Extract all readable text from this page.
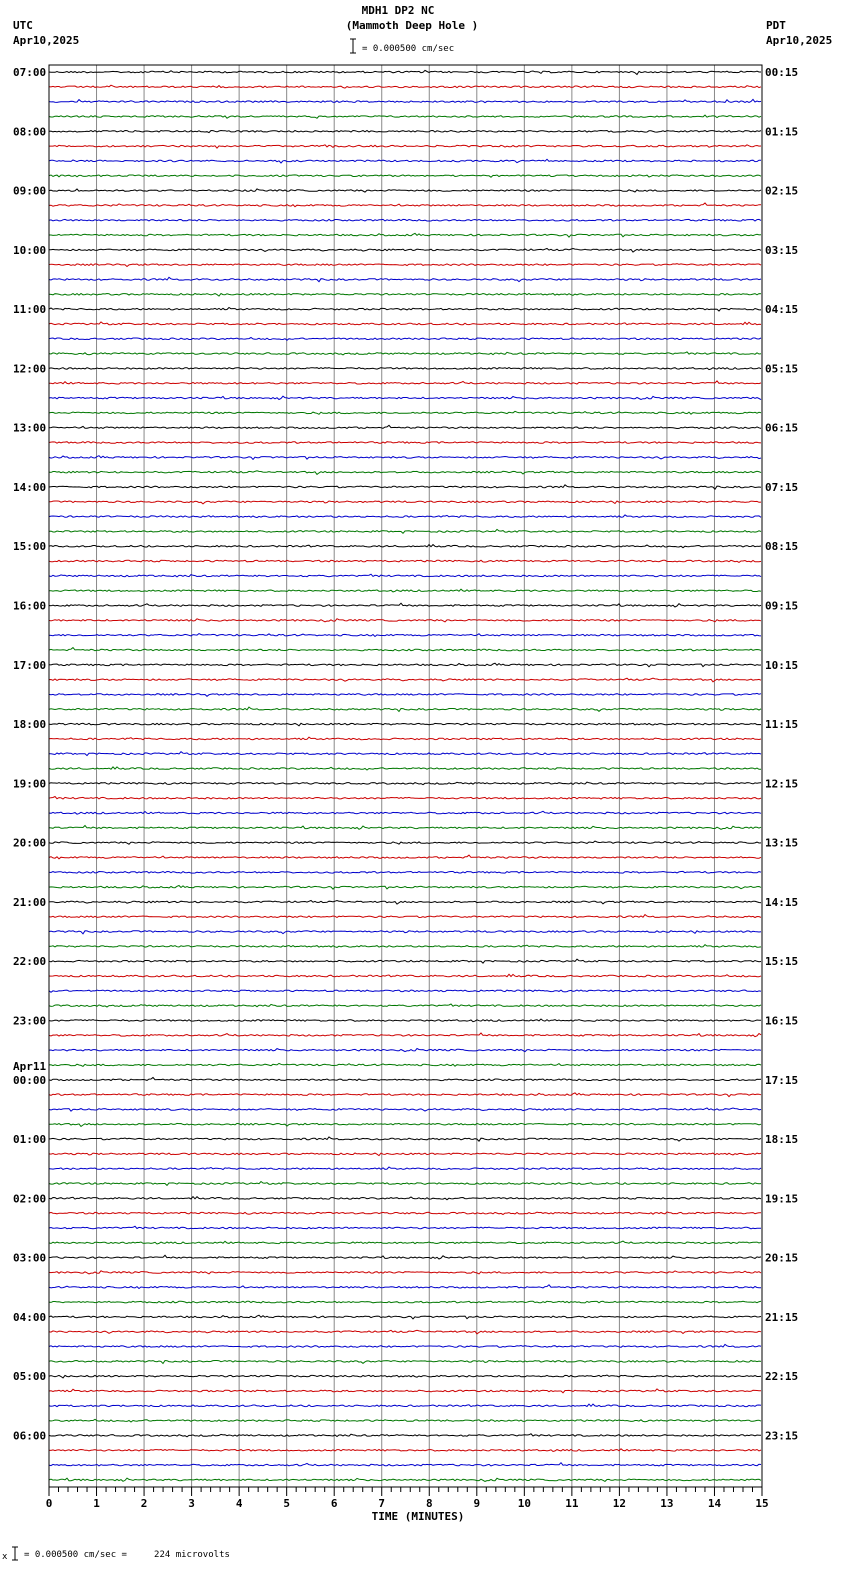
MDH1 DP2 NC
(Mammoth Deep Hole )
UTC
Apr10,2025
PDT
Apr10,2025
= 0.000500 cm/sec
07:00	00:15
08:00	01:15
09:00	02:15
10:00	03:15
11:00	04:15
12:00	05:15
13:00	06:15
14:00	07:15
15:00	08:15
16:00	09:15
17:00	10:15
18:00	11:15
19:00	12:15
20:00	13:15
21:00	14:15
22:00	15:15
23:00	16:15
00:00	17:15
Apr11
01:00	18:15
02:00	19:15
03:00	20:15
04:00	21:15
05:00	22:15
06:00	23:15
0	1	2	3	4	5	6	7	8	9	10	11	12	13	14	15
TIME (MINUTES)
x = 0.000500 cm/sec =     224 microvolts
